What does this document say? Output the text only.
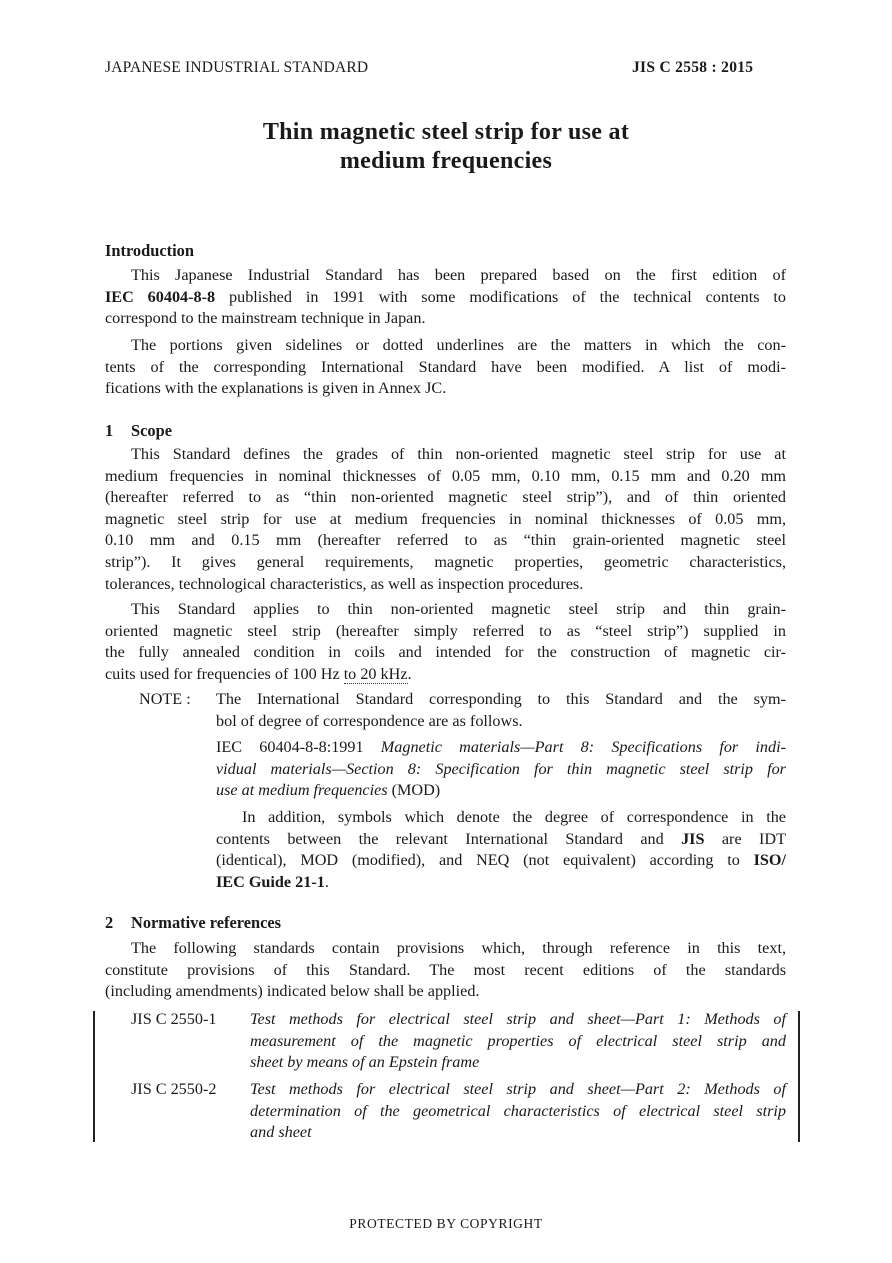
JAPANESE INDUSTRIAL STANDARD	JIS C 2558 : 2015
Thin magnetic steel strip for use at
medium frequencies
Introduction
This Japanese Industrial Standard has been prepared based on the first edition of
IEC 60404-8-8 published in 1991 with some modifications of the technical contents to
correspond to the mainstream technique in Japan.
The portions given sidelines or dotted underlines are the matters in which the con-
tents of the corresponding International Standard have been modified. A list of modi-
fications with the explanations is given in Annex JC.
1 Scope
This Standard defines the grades of thin non-oriented magnetic steel strip for use at
medium frequencies in nominal thicknesses of 0.05 mm, 0.10 mm, 0.15 mm and 0.20 mm
(hereafter referred to as “thin non-oriented magnetic steel strip”), and of thin oriented
magnetic steel strip for use at medium frequencies in nominal thicknesses of 0.05 mm,
0.10 mm and 0.15 mm (hereafter referred to as “thin grain-oriented magnetic steel
strip”). It gives general requirements, magnetic properties, geometric characteristics,
tolerances, technological characteristics, as well as inspection procedures.
This Standard applies to thin non-oriented magnetic steel strip and thin grain-
oriented magnetic steel strip (hereafter simply referred to as “steel strip”) supplied in
the fully annealed condition in coils and intended for the construction of magnetic cir-
cuits used for frequencies of 100 Hz to 20 kHz.
NOTE : The International Standard corresponding to this Standard and the sym-
bol of degree of correspondence are as follows.
IEC 60404-8-8:1991 Magnetic materials—Part 8: Specifications for indi-
vidual materials—Section 8: Specification for thin magnetic steel strip for
use at medium frequencies (MOD)
In addition, symbols which denote the degree of correspondence in the
contents between the relevant International Standard and JIS are IDT
(identical), MOD (modified), and NEQ (not equivalent) according to ISO/
IEC Guide 21-1.
2 Normative references
The following standards contain provisions which, through reference in this text,
constitute provisions of this Standard. The most recent editions of the standards
(including amendments) indicated below shall be applied.
JIS C 2550-1 Test methods for electrical steel strip and sheet—Part 1: Methods of
measurement of the magnetic properties of electrical steel strip and
sheet by means of an Epstein frame
JIS C 2550-2 Test methods for electrical steel strip and sheet—Part 2: Methods of
determination of the geometrical characteristics of electrical steel strip
and sheet
PROTECTED BY COPYRIGHT
